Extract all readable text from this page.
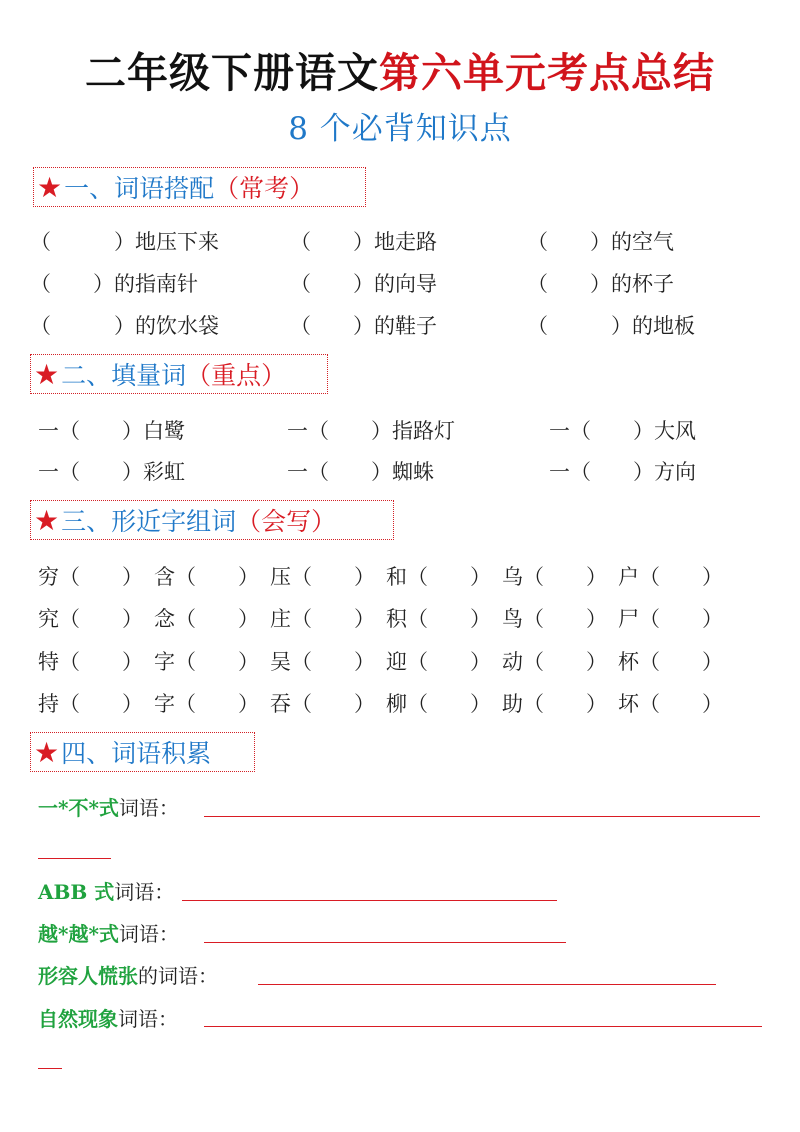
二年级下册语文第六单元考点总结
8 个必背知识点
★ 一、词语搭配 （常考）
（　　　）地压下来	（　　）地走路	（　　）的空气
（　　）的指南针	（　　）的向导	（　　）的杯子
（　　　）的饮水袋	（　　）的鞋子	（　　　）的地板
★ 二、填量词 （重点）
一（　　）白鹭	一（　　）指路灯	一（　　）大风
一（　　）彩虹	一（　　）蜘蛛	一（　　）方向
★ 三、形近字组词 （会写）
穷（　　） 含（　　） 压（　　） 和（　　） 乌（　　） 户（　　）
究（　　） 念（　　） 庄（　　） 积（　　） 鸟（　　） 尸（　　）
特（　　） 字（　　） 吴（　　） 迎（　　） 动（　　） 杯（　　）
持（　　） 字（　　） 吞（　　） 柳（　　） 助（　　） 坏（　　）
★ 四、词语积累
一*不*式词语：
ABB 式词语：
越*越*式词语：
形容人慌张的词语：
自然现象词语：
